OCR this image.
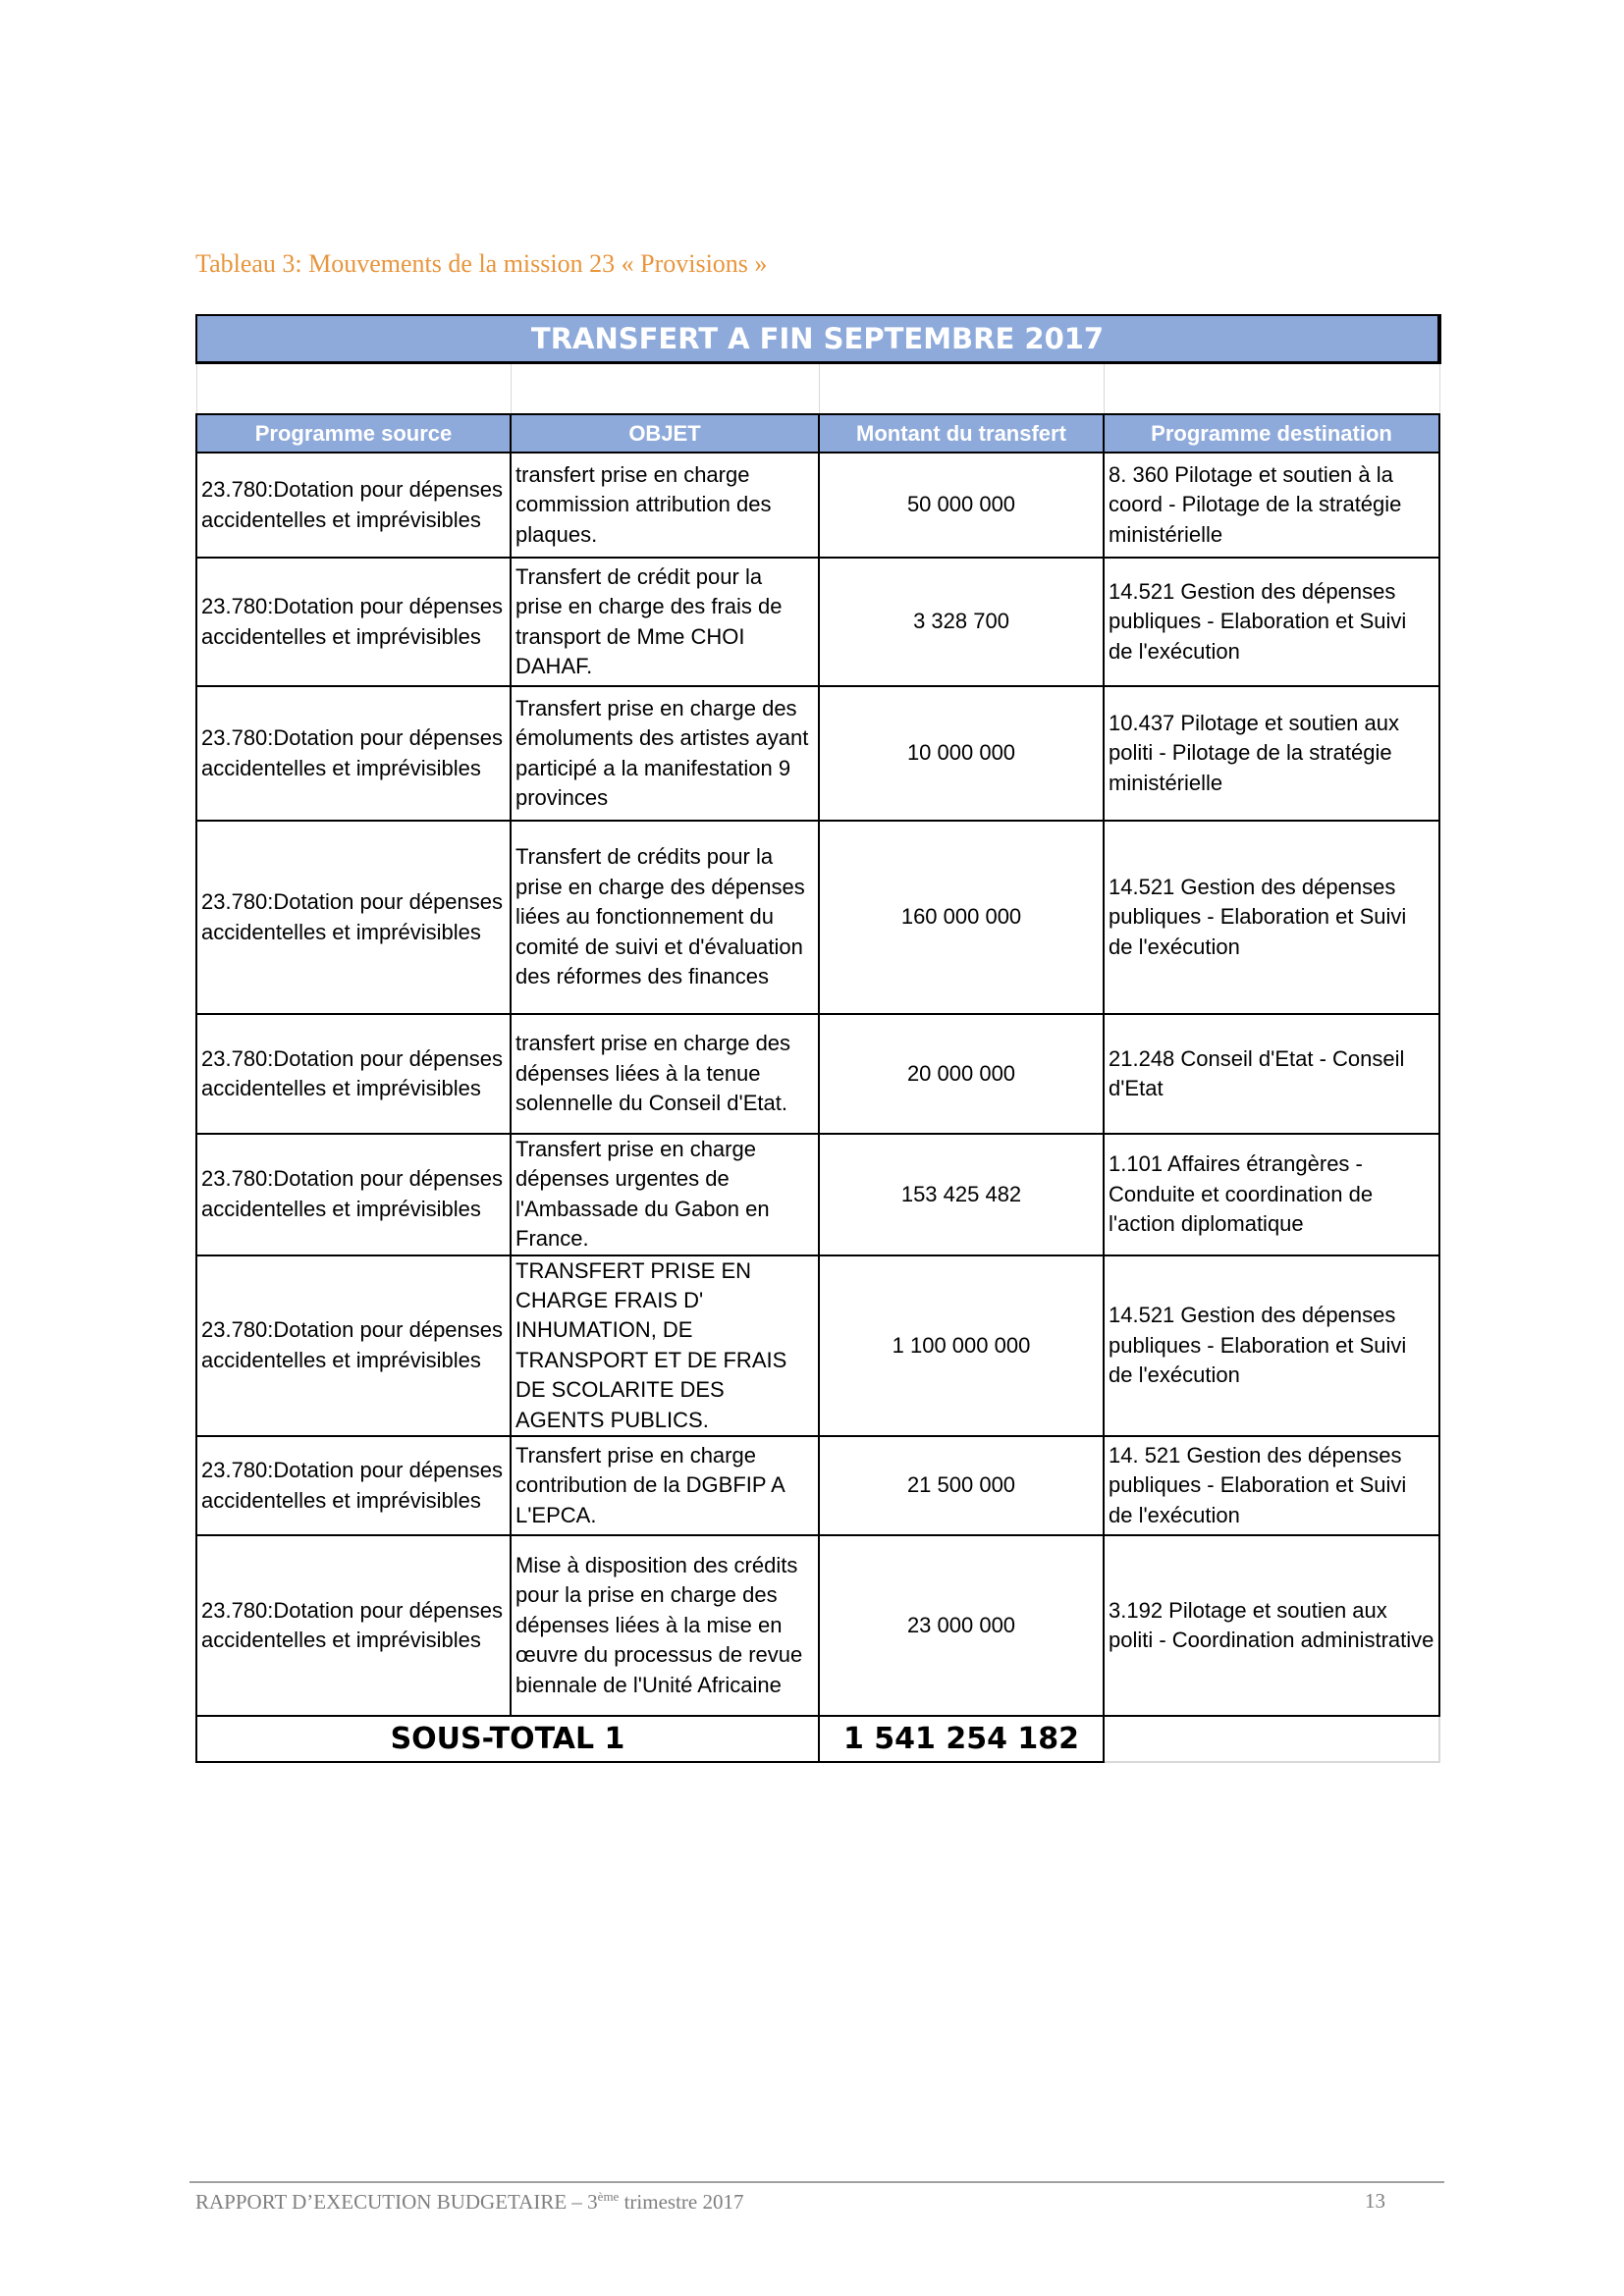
Tableau 3: Mouvements de la mission 23 « Provisions »
TRANSFERT A FIN SEPTEMBRE 2017			

Programme source	OBJET	Montant du transfert	Programme destination
23.780:Dotation pour dépenses accidentelles et imprévisibles	transfert prise en charge commission attribution des plaques.	50 000 000	8. 360 Pilotage et soutien à la coord - Pilotage de la stratégie ministérielle
23.780:Dotation pour dépenses accidentelles et imprévisibles	Transfert de crédit pour la prise en charge des frais de transport de Mme CHOI DAHAF.	3 328 700	14.521 Gestion des dépenses publiques - Elaboration et Suivi de l'exécution
23.780:Dotation pour dépenses accidentelles et imprévisibles	Transfert prise en charge des émoluments des artistes ayant participé a la manifestation 9 provinces	10 000 000	10.437 Pilotage et soutien aux politi - Pilotage de la stratégie ministérielle
23.780:Dotation pour dépenses accidentelles et imprévisibles	Transfert de crédits pour la prise en charge des dépenses liées au fonctionnement du comité de suivi et d'évaluation des réformes des finances	160 000 000	14.521 Gestion des dépenses publiques - Elaboration et Suivi de l'exécution
23.780:Dotation pour dépenses accidentelles et imprévisibles	transfert prise en charge des dépenses liées à la tenue solennelle du Conseil d'Etat.	20 000 000	21.248 Conseil d'Etat - Conseil d'Etat
23.780:Dotation pour dépenses accidentelles et imprévisibles	Transfert prise en charge dépenses urgentes de l'Ambassade du Gabon en France.	153 425 482	1.101 Affaires étrangères - Conduite et coordination de l'action diplomatique
23.780:Dotation pour dépenses accidentelles et imprévisibles	TRANSFERT PRISE EN CHARGE FRAIS D' INHUMATION, DE TRANSPORT ET DE FRAIS DE SCOLARITE DES AGENTS PUBLICS.	1 100 000 000	14.521 Gestion des dépenses publiques - Elaboration et Suivi de l'exécution
23.780:Dotation pour dépenses accidentelles et imprévisibles	Transfert prise en charge contribution de la DGBFIP A L'EPCA.	21 500 000	14. 521 Gestion des dépenses publiques - Elaboration et Suivi de l'exécution
23.780:Dotation pour dépenses accidentelles et imprévisibles	Mise à disposition des crédits pour la prise en charge des dépenses liées à la mise en œuvre du processus de revue biennale de l'Unité Africaine	23 000 000	3.192 Pilotage et soutien aux politi - Coordination administrative
SOUS-TOTAL 1		1 541 254 182	
RAPPORT D’EXECUTION BUDGETAIRE – 3ème trimestre 2017	13
